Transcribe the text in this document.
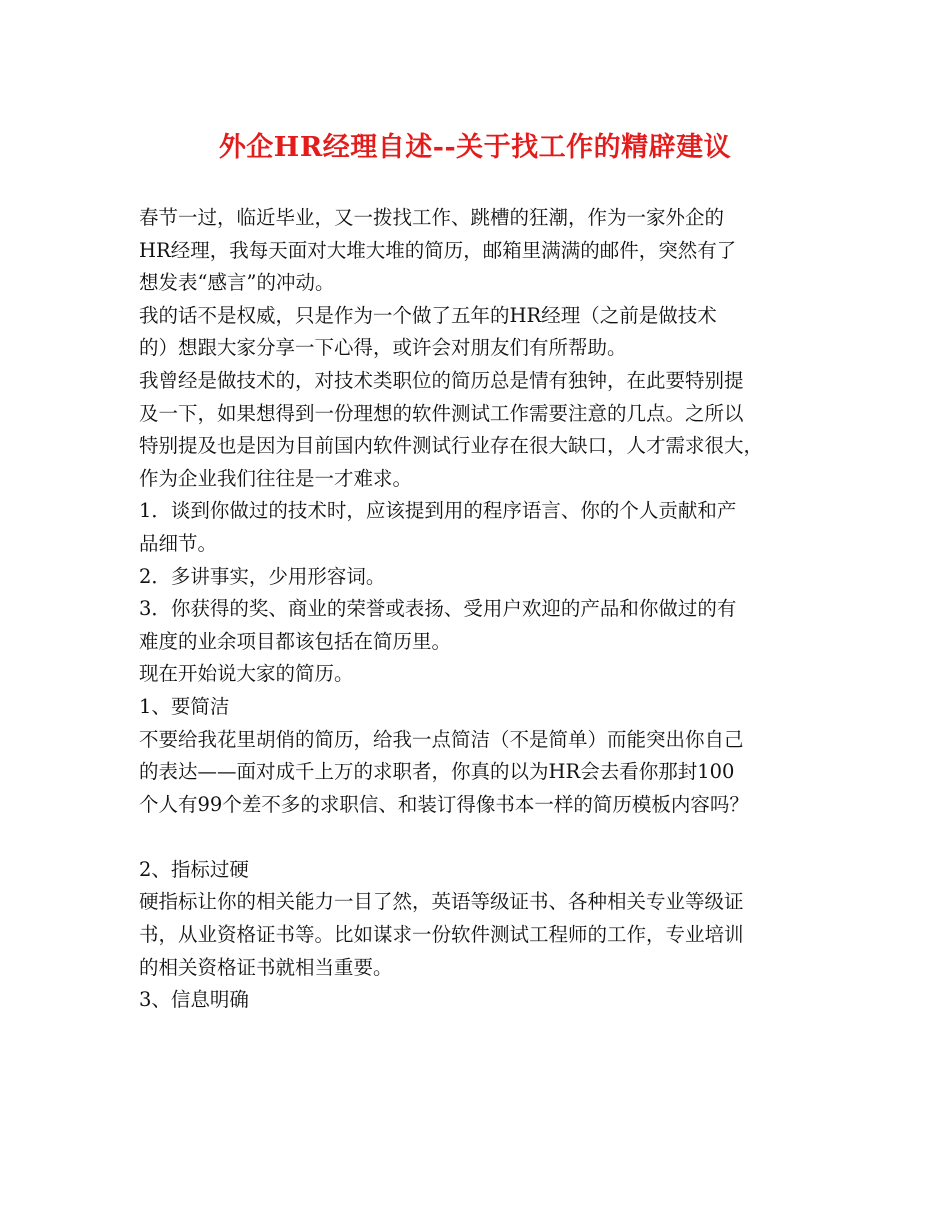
外企HR经理自述--关于找工作的精辟建议
春节一过，临近毕业，又一拨找工作、跳槽的狂潮，作为一家外企的
HR经理，我每天面对大堆大堆的简历，邮箱里满满的邮件，突然有了
想发表“感言”的冲动。
我的话不是权威，只是作为一个做了五年的HR经理（之前是做技术
的）想跟大家分享一下心得，或许会对朋友们有所帮助。
我曾经是做技术的，对技术类职位的简历总是情有独钟，在此要特别提
及一下，如果想得到一份理想的软件测试工作需要注意的几点。之所以
特别提及也是因为目前国内软件测试行业存在很大缺口，人才需求很大，
作为企业我们往往是一才难求。
1．谈到你做过的技术时，应该提到用的程序语言、你的个人贡献和产
品细节。
2．多讲事实，少用形容词。
3．你获得的奖、商业的荣誉或表扬、受用户欢迎的产品和你做过的有
难度的业余项目都该包括在简历里。
现在开始说大家的简历。
1、要简洁
不要给我花里胡俏的简历，给我一点简洁（不是简单）而能突出你自己
的表达——面对成千上万的求职者，你真的以为HR会去看你那封100
个人有99个差不多的求职信、和装订得像书本一样的简历模板内容吗？
2、指标过硬
硬指标让你的相关能力一目了然，英语等级证书、各种相关专业等级证
书，从业资格证书等。比如谋求一份软件测试工程师的工作，专业培训
的相关资格证书就相当重要。
3、信息明确
